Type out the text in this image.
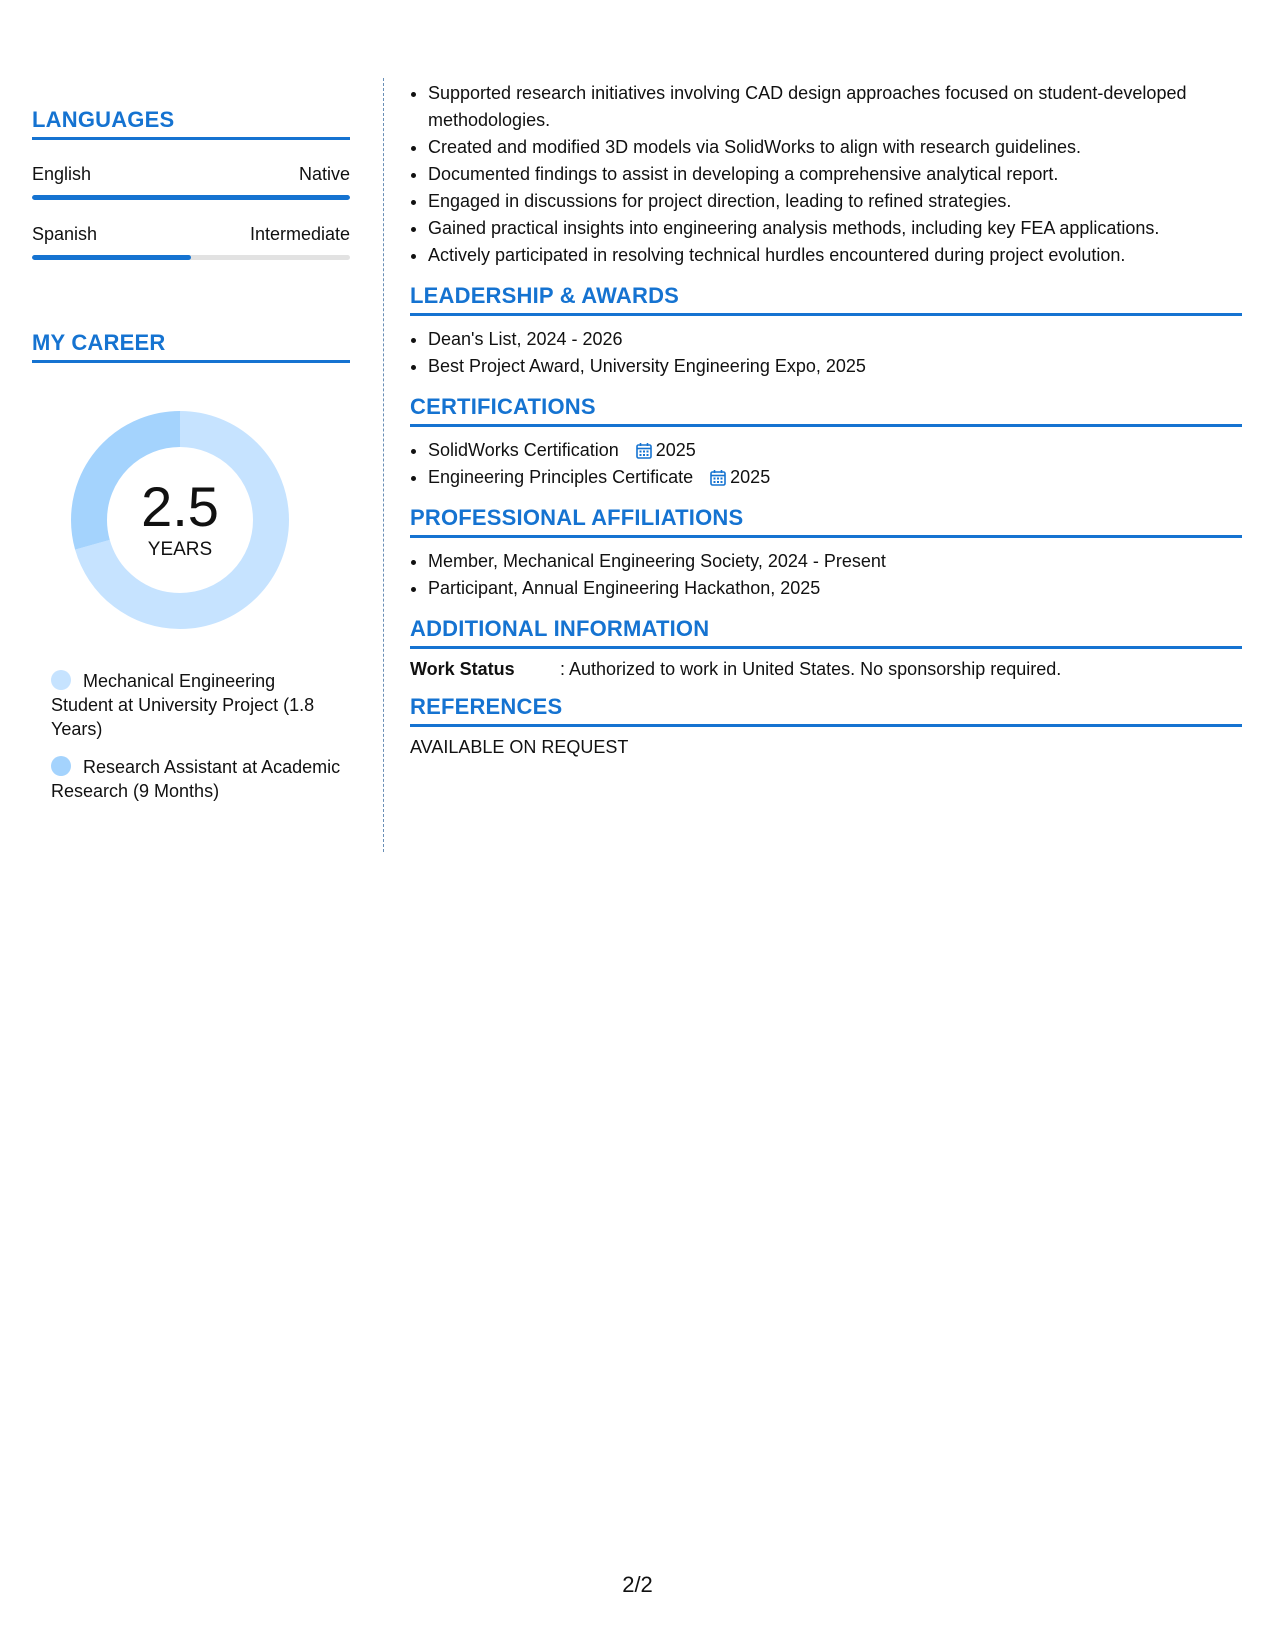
LANGUAGES
English	Native
Spanish	Intermediate
MY CAREER
2.5
YEARS
Mechanical Engineering Student at University Project (1.8 Years)
Research Assistant at Academic Research (9 Months)
• Supported research initiatives involving CAD design approaches focused on student-developed methodologies.
• Created and modified 3D models via SolidWorks to align with research guidelines.
• Documented findings to assist in developing a comprehensive analytical report.
• Engaged in discussions for project direction, leading to refined strategies.
• Gained practical insights into engineering analysis methods, including key FEA applications.
• Actively participated in resolving technical hurdles encountered during project evolution.
LEADERSHIP & AWARDS
• Dean's List, 2024 - 2026
• Best Project Award, University Engineering Expo, 2025
CERTIFICATIONS
• SolidWorks Certification 2025
• Engineering Principles Certificate 2025
PROFESSIONAL AFFILIATIONS
• Member, Mechanical Engineering Society, 2024 - Present
• Participant, Annual Engineering Hackathon, 2025
ADDITIONAL INFORMATION
Work Status	: Authorized to work in United States. No sponsorship required.
REFERENCES
AVAILABLE ON REQUEST
2/2
